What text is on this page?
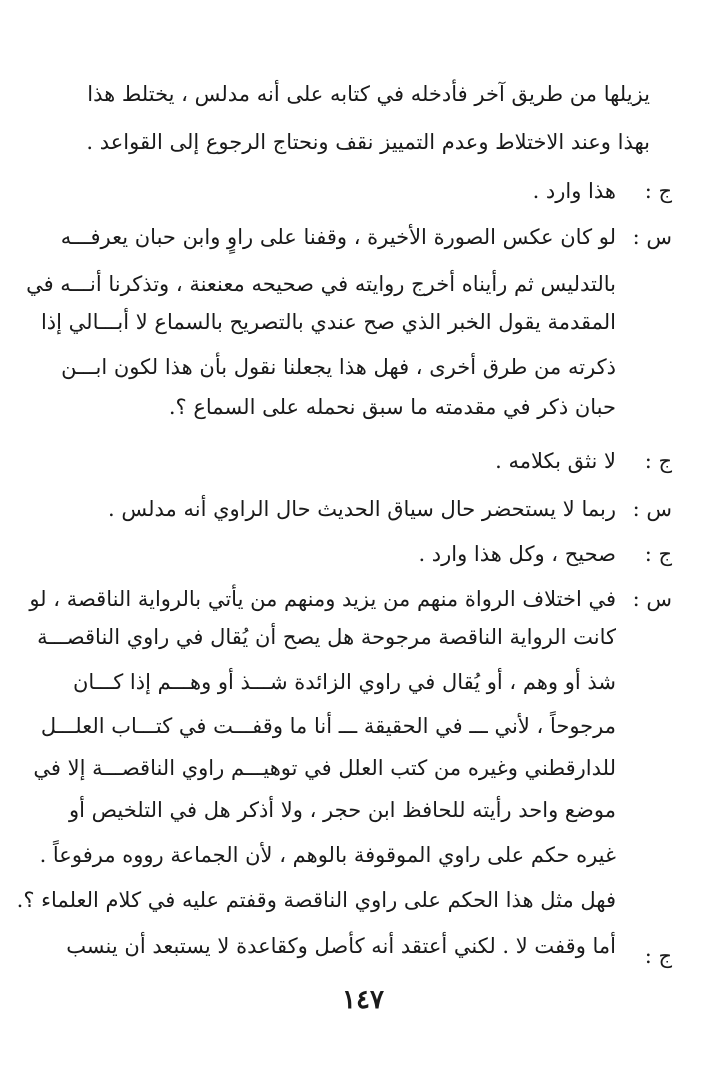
يزيلها من طريق آخر فأدخله في كتابه على أنه مدلس ، يختلط هذا
بهذا وعند الاختلاط وعدم التمييز نقف ونحتاج الرجوع إلى القواعد .
ج :
هذا وارد .
س :
لو كان عكس الصورة الأخيرة ، وقفنا على راوٍ وابن حبان يعرفـــه
بالتدليس ثم رأيناه أخرج روايته في صحيحه معنعنة ، وتذكرنا أنـــه في
المقدمة يقول الخبر الذي صح عندي بالتصريح بالسماع لا أبـــالي إذا
ذكرته من طرق أخرى ، فهل هذا يجعلنا نقول بأن هذا لكون ابـــن
حبان ذكر في مقدمته ما سبق نحمله على السماع ؟.
ج :
لا نثق بكلامه .
س :
ربما لا يستحضر حال سياق الحديث حال الراوي أنه مدلس .
ج :
صحيح ، وكل هذا وارد .
س :
في اختلاف الرواة منهم من يزيد ومنهم من يأتي بالرواية الناقصة ، لو
كانت الرواية الناقصة مرجوحة هل يصح أن يُقال في راوي الناقصـــة
شذ أو وهم ، أو يُقال في راوي الزائدة شـــذ أو وهـــم إذا كـــان
مرجوحاً ، لأني ـــ في الحقيقة ـــ أنا ما وقفـــت في كتـــاب العلـــل
للدارقطني وغيره من كتب العلل في توهيـــم راوي الناقصـــة إلا في
موضع واحد رأيته للحافظ ابن حجر ، ولا أذكر هل في التلخيص أو
غيره حكم على راوي الموقوفة بالوهم ، لأن الجماعة رووه مرفوعاً .
فهل مثل هذا الحكم على راوي الناقصة وقفتم عليه في كلام العلماء ؟.
ج :
أما وقفت لا . لكني أعتقد أنه كأصل وكقاعدة لا يستبعد أن ينسب
١٤٧
